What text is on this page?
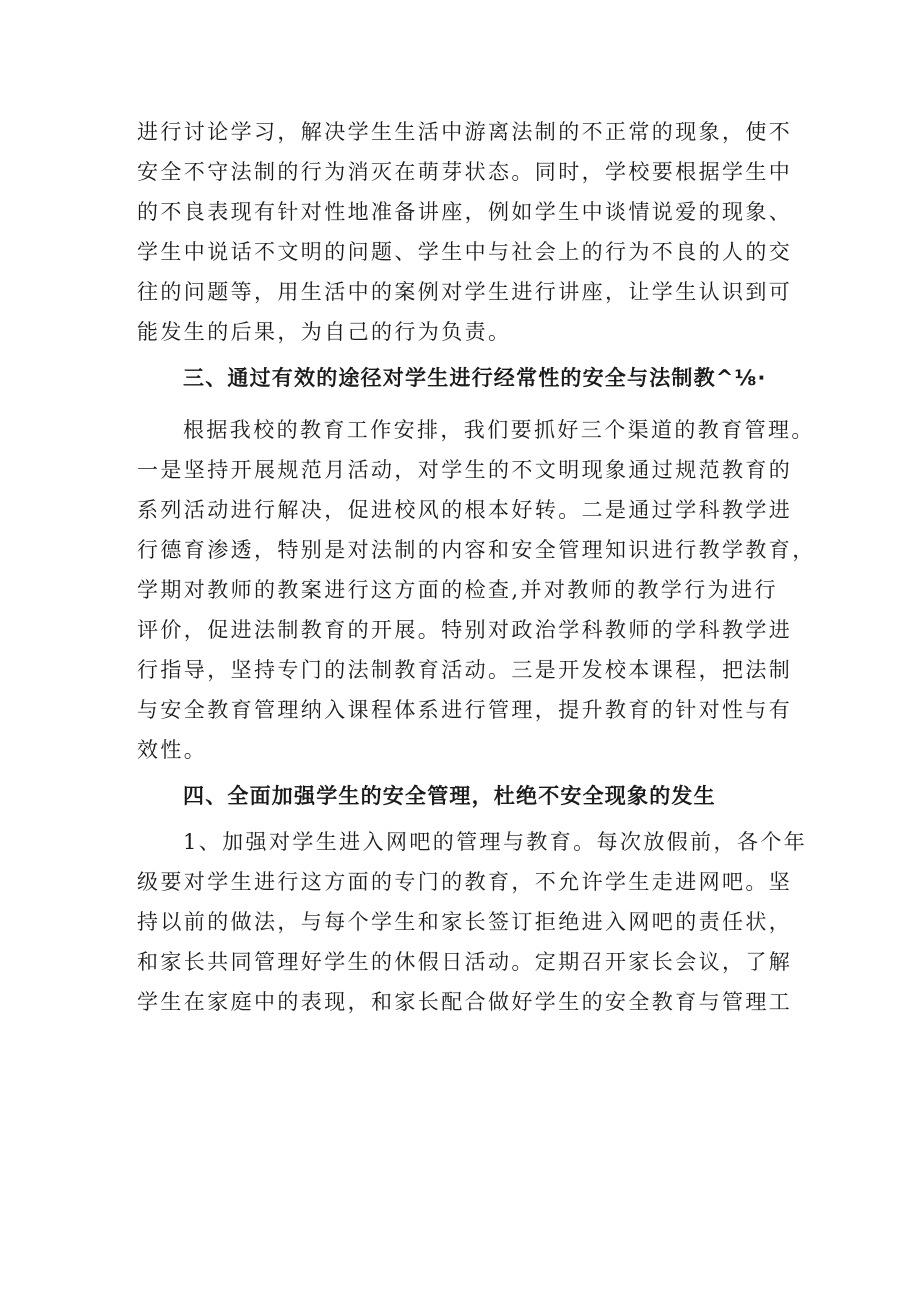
进行讨论学习，解决学生生活中游离法制的不正常的现象，使不
安全不守法制的行为消灭在萌芽状态。同时，学校要根据学生中
的不良表现有针对性地准备讲座，例如学生中谈情说爱的现象、
学生中说话不文明的问题、学生中与社会上的行为不良的人的交
往的问题等，用生活中的案例对学生进行讲座，让学生认识到可
能发生的后果，为自己的行为负责。

三、通过有效的途径对学生进行经常性的安全与法制教^⅛∙

根据我校的教育工作安排，我们要抓好三个渠道的教育管理。
一是坚持开展规范月活动，对学生的不文明现象通过规范教育的
系列活动进行解决，促进校风的根本好转。二是通过学科教学进
行德育渗透，特别是对法制的内容和安全管理知识进行教学教育，
学期对教师的教案进行这方面的检查,并对教师的教学行为进行
评价，促进法制教育的开展。特别对政治学科教师的学科教学进
行指导，坚持专门的法制教育活动。三是开发校本课程，把法制
与安全教育管理纳入课程体系进行管理，提升教育的针对性与有
效性。

四、全面加强学生的安全管理，杜绝不安全现象的发生

1、加强对学生进入网吧的管理与教育。每次放假前，各个年
级要对学生进行这方面的专门的教育，不允许学生走进网吧。坚
持以前的做法，与每个学生和家长签订拒绝进入网吧的责任状，
和家长共同管理好学生的休假日活动。定期召开家长会议，了解
学生在家庭中的表现，和家长配合做好学生的安全教育与管理工
